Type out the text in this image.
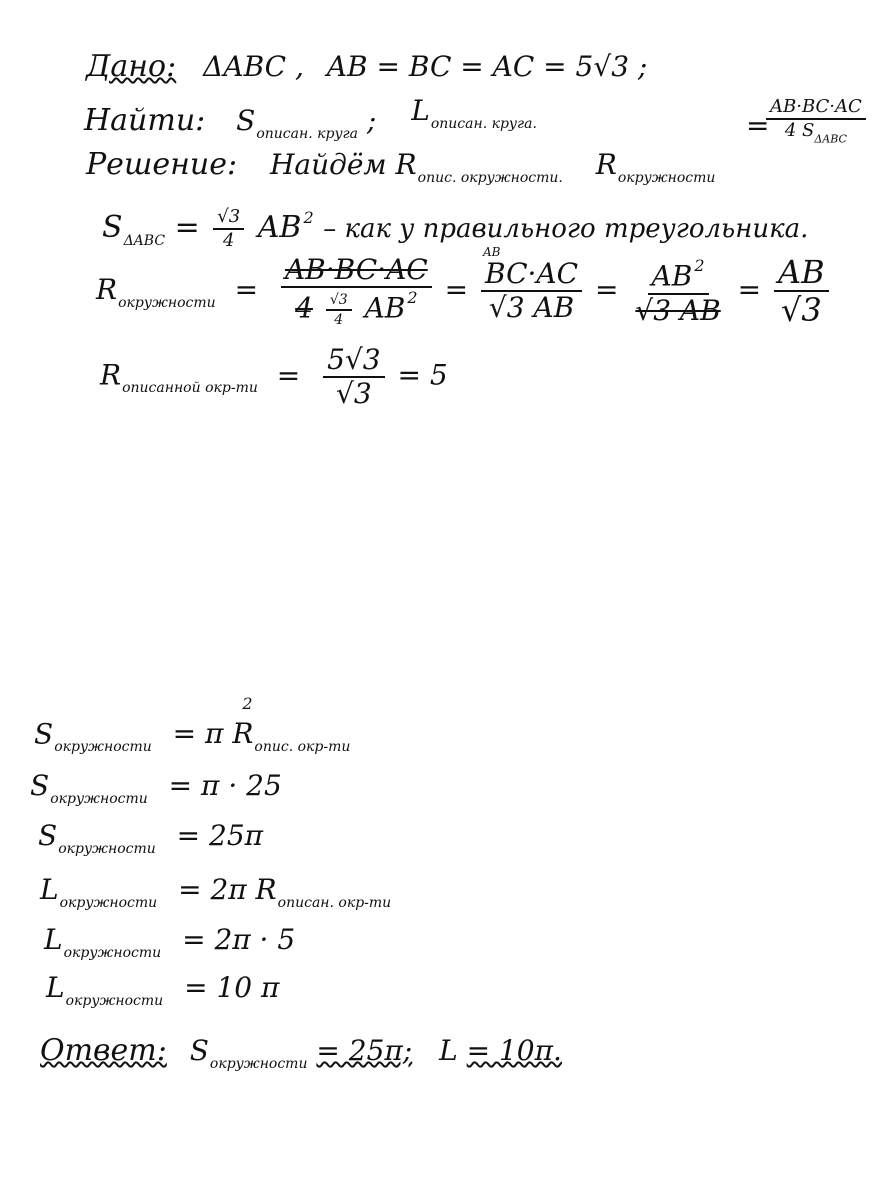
Дано: ΔABC , AB = BC = AC = 5√3 ;
Найти: $S_{описан. круга}$ ; $L_{описан. круга.}$
Решение: Найдём $R_{опис. окружности.}$ $R_{окружности}$
$\frac{AB\cdot BC\cdot AC}{4 S_{\Delta ABC}}$
=
$S_{\Delta ABC} = \frac{√3}{4}$ AB $^2$ – как у правильного треугольника.
$R_{окружности} = \frac{AB\cdot BC\cdot AC}{4 \frac{√3}{4} AB ^2}$ = AB
BC·AC
√3 AB = $\frac{AB ^2}{√3 AB} = \frac{AB}{√3}$
$R_{описанной окр-ти} = \frac{5√3}{√3} = 5$
$S_{окружности} = \pi$ $R_{опис. окр-ти}^2$
$S_{окружности} = \pi \cdot 25$
$S_{окружности} = 25\pi$
$L_{окружности} = 2\pi$ $R_{описан. окр-ти}$
$L_{окружности} = 2\pi \cdot 5$
$L_{окружности} = 10$ π
Ответ: $S_{окружности} = 25\pi$; L = 10π.
